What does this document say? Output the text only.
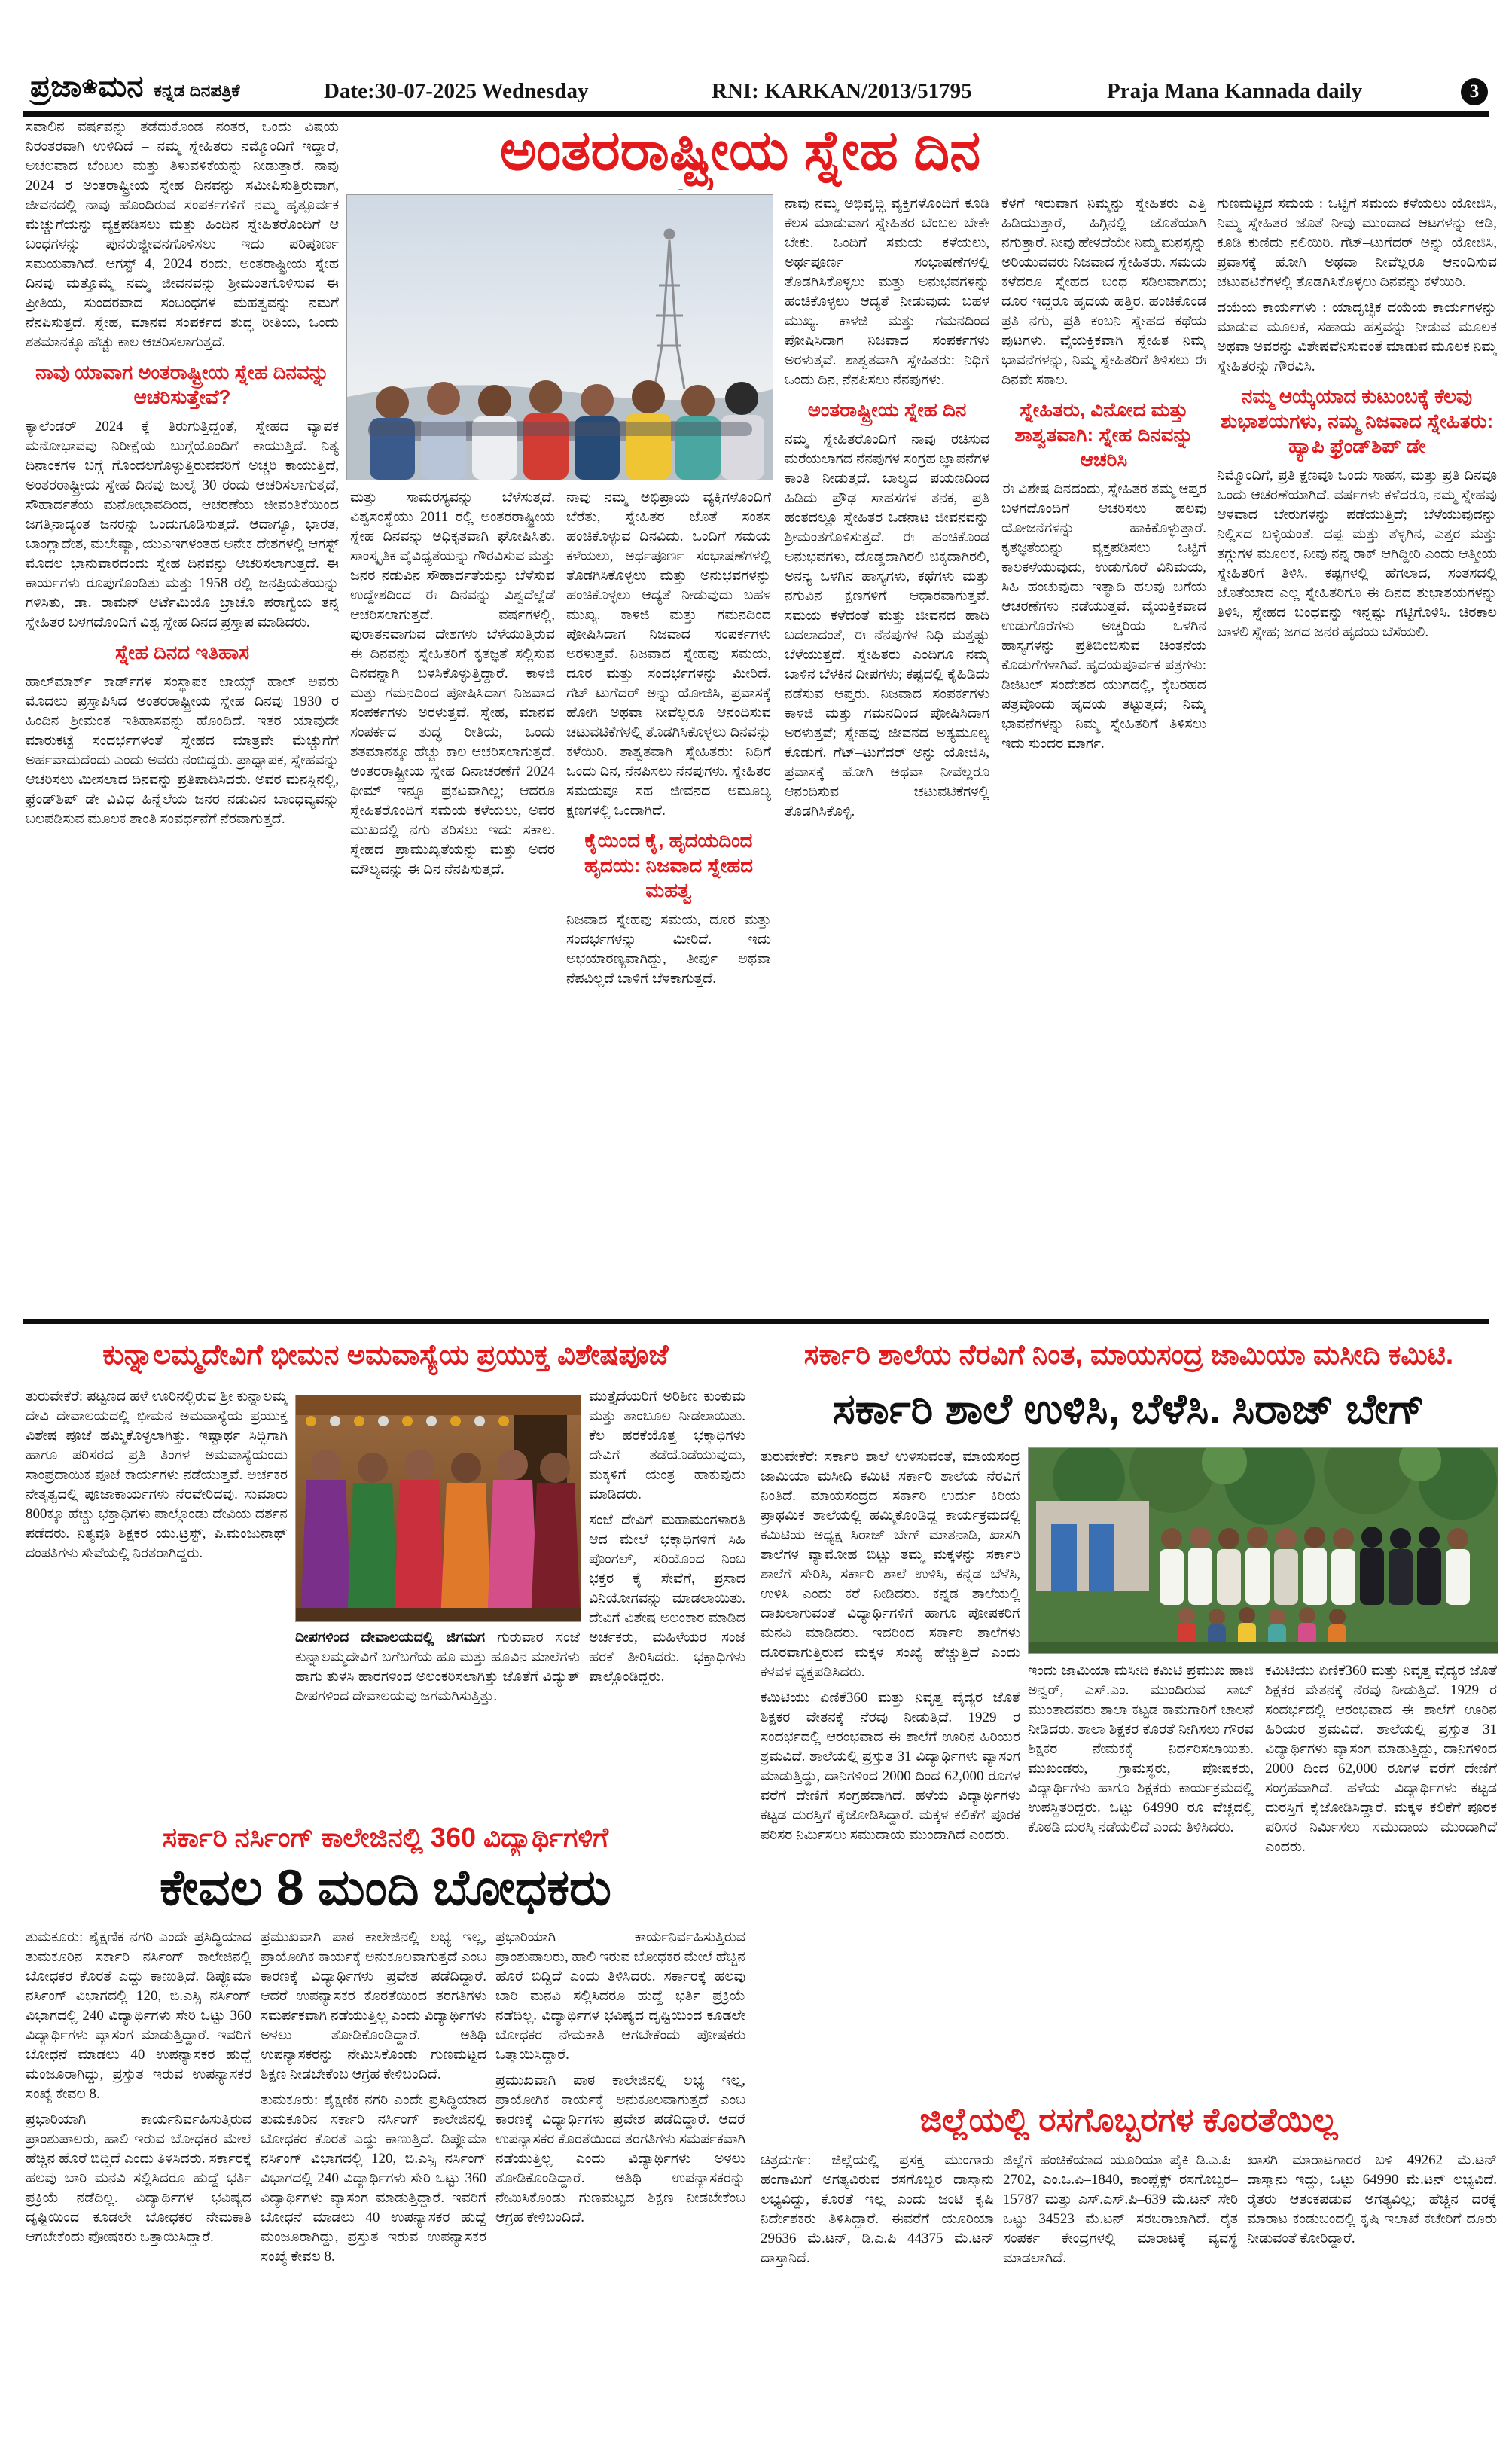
ಪ್ರಜಾ❀ಮನ ಕನ್ನಡ ದಿನಪತ್ರಿಕೆ	Date:30-07-2025 Wednesday	RNI: KARKAN/2013/51795	Praja Mana Kannada daily	3
ಅಂತರರಾಷ್ಟ್ರೀಯ ಸ್ನೇಹ ದಿನ

ಸವಾಲಿನ ವರ್ಷವನ್ನು ತಡೆದುಕೊಂಡ ನಂತರ, ಒಂದು ವಿಷಯ ನಿರಂತರವಾಗಿ ಉಳಿದಿದೆ – ನಮ್ಮ ಸ್ನೇಹಿತರು ನಮ್ಮೊಂದಿಗೆ ಇದ್ದಾರೆ, ಅಚಲವಾದ ಬೆಂಬಲ ಮತ್ತು ತಿಳುವಳಿಕೆಯನ್ನು ನೀಡುತ್ತಾರೆ. ನಾವು 2024 ರ ಅಂತರಾಷ್ಟ್ರೀಯ ಸ್ನೇಹ ದಿನವನ್ನು ಸಮೀಪಿಸುತ್ತಿರುವಾಗ, ಜೀವನದಲ್ಲಿ ನಾವು ಹೊಂದಿರುವ ಸಂಪರ್ಕಗಳಿಗೆ ನಮ್ಮ ಹೃತ್ಪೂರ್ವಕ ಮೆಚ್ಚುಗೆಯನ್ನು ವ್ಯಕ್ತಪಡಿಸಲು ಮತ್ತು ಹಿಂದಿನ ಸ್ನೇಹಿತರೊಂದಿಗೆ ಆ ಬಂಧಗಳನ್ನು ಪುನರುಜ್ಜೀವನಗೊಳಿಸಲು ಇದು ಪರಿಪೂರ್ಣ ಸಮಯವಾಗಿದೆ. ಆಗಸ್ಟ್ 4, 2024 ರಂದು, ಅಂತರಾಷ್ಟ್ರೀಯ ಸ್ನೇಹ ದಿನವು ಮತ್ತೊಮ್ಮೆ ನಮ್ಮ ಜೀವನವನ್ನು ಶ್ರೀಮಂತಗೊಳಿಸುವ ಈ ಪ್ರೀತಿಯ, ಸುಂದರವಾದ ಸಂಬಂಧಗಳ ಮಹತ್ವವನ್ನು ನಮಗೆ ನೆನಪಿಸುತ್ತದೆ. ಸ್ನೇಹ, ಮಾನವ ಸಂಪರ್ಕದ ಶುದ್ಧ ರೀತಿಯ, ಒಂದು ಶತಮಾನಕ್ಕೂ ಹೆಚ್ಚು ಕಾಲ ಆಚರಿಸಲಾಗುತ್ತದೆ.

ನಾವು ಯಾವಾಗ ಅಂತರಾಷ್ಟ್ರೀಯ ಸ್ನೇಹ ದಿನವನ್ನು ಆಚರಿಸುತ್ತೇವೆ?

ಕ್ಯಾಲೆಂಡರ್ 2024 ಕ್ಕೆ ತಿರುಗುತ್ತಿದ್ದಂತೆ, ಸ್ನೇಹದ ವ್ಯಾಪಕ ಮನೋಭಾವವು ನಿರೀಕ್ಷೆಯ ಬುಗ್ಗೆಯೊಂದಿಗೆ ಕಾಯುತ್ತಿದೆ. ನಿತ್ಯ ದಿನಾಂಕಗಳ ಬಗ್ಗೆ ಗೊಂದಲಗೊಳ್ಳುತ್ತಿರುವವರಿಗೆ ಅಚ್ಚರಿ ಕಾಯುತ್ತಿದೆ, ಅಂತರರಾಷ್ಟ್ರೀಯ ಸ್ನೇಹ ದಿನವು ಜುಲೈ 30 ರಂದು ಆಚರಿಸಲಾಗುತ್ತದೆ, ಸೌಹಾರ್ದತೆಯ ಮನೋಭಾವದಿಂದ, ಆಚರಣೆಯ ಜೀವಂತಿಕೆಯಿಂದ ಜಗತ್ತಿನಾದ್ಯಂತ ಜನರನ್ನು ಒಂದುಗೂಡಿಸುತ್ತದೆ. ಆದಾಗ್ಯೂ, ಭಾರತ, ಬಾಂಗ್ಲಾದೇಶ, ಮಲೇಷ್ಯಾ, ಯುಎಇಗಳಂತಹ ಅನೇಕ ದೇಶಗಳಲ್ಲಿ ಆಗಸ್ಟ್ ಮೊದಲ ಭಾನುವಾರದಂದು ಸ್ನೇಹ ದಿನವನ್ನು ಆಚರಿಸಲಾಗುತ್ತದೆ. ಈ ಕಾರ್ಯಗಳು ರೂಪುಗೊಂಡಿತು ಮತ್ತು 1958 ರಲ್ಲಿ ಜನಪ್ರಿಯತೆಯನ್ನು ಗಳಿಸಿತು, ಡಾ. ರಾಮನ್ ಆರ್ಟೆಮಿಯೊ ಬ್ರಾಚೊ ಪರಾಗ್ವೆಯ ತನ್ನ ಸ್ನೇಹಿತರ ಬಳಗದೊಂದಿಗೆ ವಿಶ್ವ ಸ್ನೇಹ ದಿನದ ಪ್ರಸ್ತಾಪ ಮಾಡಿದರು.

ಸ್ನೇಹ ದಿನದ ಇತಿಹಾಸ

ಹಾಲ್‌ಮಾರ್ಕ್ ಕಾರ್ಡ್‌ಗಳ ಸಂಸ್ಥಾಪಕ ಜಾಯ್ಸ್ ಹಾಲ್ ಅವರು ಮೊದಲು ಪ್ರಸ್ತಾಪಿಸಿದ ಅಂತರರಾಷ್ಟ್ರೀಯ ಸ್ನೇಹ ದಿನವು 1930 ರ ಹಿಂದಿನ ಶ್ರೀಮಂತ ಇತಿಹಾಸವನ್ನು ಹೊಂದಿದೆ. ಇತರ ಯಾವುದೇ ಮಾರುಕಟ್ಟೆ ಸಂದರ್ಭಗಳಂತೆ ಸ್ನೇಹದ ಮಾತ್ರವೇ ಮೆಚ್ಚುಗೆಗೆ ಅರ್ಹವಾದುದೆಂದು ಎಂದು ಅವರು ನಂಬಿದ್ದರು. ಪ್ರಾಧ್ಯಾಪಕ, ಸ್ನೇಹವನ್ನು ಆಚರಿಸಲು ಮೀಸಲಾದ ದಿನವನ್ನು ಪ್ರತಿಪಾದಿಸಿದರು. ಅವರ ಮನಸ್ಸಿನಲ್ಲಿ, ಫ್ರೆಂಡ್‌ಶಿಪ್ ಡೇ ವಿವಿಧ ಹಿನ್ನೆಲೆಯ ಜನರ ನಡುವಿನ ಬಾಂಧವ್ಯವನ್ನು ಬಲಪಡಿಸುವ ಮೂಲಕ ಶಾಂತಿ ಸಂವರ್ಧನೆಗೆ ನೆರವಾಗುತ್ತದೆ.

ಮತ್ತು ಸಾಮರಸ್ಯವನ್ನು ಬೆಳೆಸುತ್ತದೆ. ವಿಶ್ವಸಂಸ್ಥೆಯು 2011 ರಲ್ಲಿ ಅಂತರರಾಷ್ಟ್ರೀಯ ಸ್ನೇಹ ದಿನವನ್ನು ಅಧಿಕೃತವಾಗಿ ಘೋಷಿಸಿತು. ಸಾಂಸ್ಕೃತಿಕ ವೈವಿಧ್ಯತೆಯನ್ನು ಗೌರವಿಸುವ ಮತ್ತು ಜನರ ನಡುವಿನ ಸೌಹಾರ್ದತೆಯನ್ನು ಬೆಳೆಸುವ ಉದ್ದೇಶದಿಂದ ಈ ದಿನವನ್ನು ವಿಶ್ವದೆಲ್ಲೆಡೆ ಆಚರಿಸಲಾಗುತ್ತದೆ. ವರ್ಷಗಳಲ್ಲಿ, ಪುರಾತನವಾಗುವ ದೇಶಗಳು ಬೆಳೆಯುತ್ತಿರುವ ಈ ದಿನವನ್ನು ಸ್ನೇಹಿತರಿಗೆ ಕೃತಜ್ಞತೆ ಸಲ್ಲಿಸುವ ದಿನವನ್ನಾಗಿ ಬಳಸಿಕೊಳ್ಳುತ್ತಿದ್ದಾರೆ. ಕಾಳಜಿ ಮತ್ತು ಗಮನದಿಂದ ಪೋಷಿಸಿದಾಗ ನಿಜವಾದ ಸಂಪರ್ಕಗಳು ಅರಳುತ್ತವೆ. ಸ್ನೇಹ, ಮಾನವ ಸಂಪರ್ಕದ ಶುದ್ಧ ರೀತಿಯ, ಒಂದು ಶತಮಾನಕ್ಕೂ ಹೆಚ್ಚು ಕಾಲ ಆಚರಿಸಲಾಗುತ್ತದೆ. ಅಂತರರಾಷ್ಟ್ರೀಯ ಸ್ನೇಹ ದಿನಾಚರಣೆಗೆ 2024 ಥೀಮ್ ಇನ್ನೂ ಪ್ರಕಟವಾಗಿಲ್ಲ; ಆದರೂ ಸ್ನೇಹಿತರೊಂದಿಗೆ ಸಮಯ ಕಳೆಯಲು, ಅವರ ಮುಖದಲ್ಲಿ ನಗು ತರಿಸಲು ಇದು ಸಕಾಲ. ಸ್ನೇಹದ ಪ್ರಾಮುಖ್ಯತೆಯನ್ನು ಮತ್ತು ಅದರ ಮೌಲ್ಯವನ್ನು ಈ ದಿನ ನೆನಪಿಸುತ್ತದೆ.

ನಾವು ನಮ್ಮ ಅಭಿಪ್ರಾಯ ವ್ಯಕ್ತಿಗಳೊಂದಿಗೆ ಬೆರೆತು, ಸ್ನೇಹಿತರ ಜೊತೆ ಸಂತಸ ಹಂಚಿಕೊಳ್ಳುವ ದಿನವಿದು. ಒಂದಿಗೆ ಸಮಯ ಕಳೆಯಲು, ಅರ್ಥಪೂರ್ಣ ಸಂಭಾಷಣೆಗಳಲ್ಲಿ ತೊಡಗಿಸಿಕೊಳ್ಳಲು ಮತ್ತು ಅನುಭವಗಳನ್ನು ಹಂಚಿಕೊಳ್ಳಲು ಆದ್ಯತೆ ನೀಡುವುದು ಬಹಳ ಮುಖ್ಯ. ಕಾಳಜಿ ಮತ್ತು ಗಮನದಿಂದ ಪೋಷಿಸಿದಾಗ ನಿಜವಾದ ಸಂಪರ್ಕಗಳು ಅರಳುತ್ತವೆ. ನಿಜವಾದ ಸ್ನೇಹವು ಸಮಯ, ದೂರ ಮತ್ತು ಸಂದರ್ಭಗಳನ್ನು ಮೀರಿದೆ. ಗೆಟ್–ಟುಗೆದರ್ ಅನ್ನು ಯೋಜಿಸಿ, ಪ್ರವಾಸಕ್ಕೆ ಹೋಗಿ ಅಥವಾ ನೀವೆಲ್ಲರೂ ಆನಂದಿಸುವ ಚಟುವಟಿಕೆಗಳಲ್ಲಿ ತೊಡಗಿಸಿಕೊಳ್ಳಲು ದಿನವನ್ನು ಕಳೆಯಿರಿ. ಶಾಶ್ವತವಾಗಿ ಸ್ನೇಹಿತರು: ನಿಧಿಗೆ ಒಂದು ದಿನ, ನೆನಪಿಸಲು ನೆನಪುಗಳು. ಸ್ನೇಹಿತರ ಸಮಯವೂ ಸಹ ಜೀವನದ ಅಮೂಲ್ಯ ಕ್ಷಣಗಳಲ್ಲಿ ಒಂದಾಗಿದೆ.

ಕೈಯಿಂದ ಕೈ, ಹೃದಯದಿಂದ ಹೃದಯ: ನಿಜವಾದ ಸ್ನೇಹದ ಮಹತ್ವ

ನಿಜವಾದ ಸ್ನೇಹವು ಸಮಯ, ದೂರ ಮತ್ತು ಸಂದರ್ಭಗಳನ್ನು ಮೀರಿದೆ. ಇದು ಅಭಯಾರಣ್ಯವಾಗಿದ್ದು, ತೀರ್ಪು ಅಥವಾ ನೆಪವಿಲ್ಲದೆ ಬಾಳಿಗೆ ಬೆಳಕಾಗುತ್ತದೆ.

ನಾವು ನಮ್ಮ ಅಭಿವೃದ್ಧಿ ವ್ಯಕ್ತಿಗಳೊಂದಿಗೆ ಕೂಡಿ ಕೆಲಸ ಮಾಡುವಾಗ ಸ್ನೇಹಿತರ ಬೆಂಬಲ ಬೇಕೇ ಬೇಕು. ಒಂದಿಗೆ ಸಮಯ ಕಳೆಯಲು, ಅರ್ಥಪೂರ್ಣ ಸಂಭಾಷಣೆಗಳಲ್ಲಿ ತೊಡಗಿಸಿಕೊಳ್ಳಲು ಮತ್ತು ಅನುಭವಗಳನ್ನು ಹಂಚಿಕೊಳ್ಳಲು ಆದ್ಯತೆ ನೀಡುವುದು ಬಹಳ ಮುಖ್ಯ. ಕಾಳಜಿ ಮತ್ತು ಗಮನದಿಂದ ಪೋಷಿಸಿದಾಗ ನಿಜವಾದ ಸಂಪರ್ಕಗಳು ಅರಳುತ್ತವೆ. ಶಾಶ್ವತವಾಗಿ ಸ್ನೇಹಿತರು: ನಿಧಿಗೆ ಒಂದು ದಿನ, ನೆನಪಿಸಲು ನೆನಪುಗಳು.

ಅಂತರಾಷ್ಟ್ರೀಯ ಸ್ನೇಹ ದಿನ

ನಮ್ಮ ಸ್ನೇಹಿತರೊಂದಿಗೆ ನಾವು ರಚಿಸುವ ಮರೆಯಲಾಗದ ನೆನಪುಗಳ ಸಂಗ್ರಹ ಜ್ಞಾಪನೆಗಳ ಕಾಂತಿ ನೀಡುತ್ತದೆ. ಬಾಲ್ಯದ ಪಯಣದಿಂದ ಹಿಡಿದು ಪ್ರೌಢ ಸಾಹಸಗಳ ತನಕ, ಪ್ರತಿ ಹಂತದಲ್ಲೂ ಸ್ನೇಹಿತರ ಒಡನಾಟ ಜೀವನವನ್ನು ಶ್ರೀಮಂತಗೊಳಿಸುತ್ತದೆ. ಈ ಹಂಚಿಕೊಂಡ ಅನುಭವಗಳು, ದೊಡ್ಡದಾಗಿರಲಿ ಚಿಕ್ಕದಾಗಿರಲಿ, ಅನನ್ಯ ಒಳಗಿನ ಹಾಸ್ಯಗಳು, ಕಥೆಗಳು ಮತ್ತು ನಗುವಿನ ಕ್ಷಣಗಳಿಗೆ ಆಧಾರವಾಗುತ್ತವೆ. ಸಮಯ ಕಳೆದಂತೆ ಮತ್ತು ಜೀವನದ ಹಾದಿ ಬದಲಾದಂತೆ, ಈ ನೆನಪುಗಳ ನಿಧಿ ಮತ್ತಷ್ಟು ಬೆಳೆಯುತ್ತದೆ. ಸ್ನೇಹಿತರು ಎಂದಿಗೂ ನಮ್ಮ ಬಾಳಿನ ಬೆಳಕಿನ ದೀಪಗಳು; ಕಷ್ಟದಲ್ಲಿ ಕೈಹಿಡಿದು ನಡೆಸುವ ಆಪ್ತರು. ನಿಜವಾದ ಸಂಪರ್ಕಗಳು ಕಾಳಜಿ ಮತ್ತು ಗಮನದಿಂದ ಪೋಷಿಸಿದಾಗ ಅರಳುತ್ತವೆ; ಸ್ನೇಹವು ಜೀವನದ ಅತ್ಯಮೂಲ್ಯ ಕೊಡುಗೆ. ಗೆಟ್–ಟುಗೆದರ್ ಅನ್ನು ಯೋಜಿಸಿ, ಪ್ರವಾಸಕ್ಕೆ ಹೋಗಿ ಅಥವಾ ನೀವೆಲ್ಲರೂ ಆನಂದಿಸುವ ಚಟುವಟಿಕೆಗಳಲ್ಲಿ ತೊಡಗಿಸಿಕೊಳ್ಳಿ.

ಕೆಳಗೆ ಇರುವಾಗ ನಿಮ್ಮನ್ನು ಸ್ನೇಹಿತರು ಎತ್ತಿ ಹಿಡಿಯುತ್ತಾರೆ, ಹಿಗ್ಗಿನಲ್ಲಿ ಜೊತೆಯಾಗಿ ನಗುತ್ತಾರೆ. ನೀವು ಹೇಳದೆಯೇ ನಿಮ್ಮ ಮನಸ್ಸನ್ನು ಅರಿಯುವವರು ನಿಜವಾದ ಸ್ನೇಹಿತರು. ಸಮಯ ಕಳೆದರೂ ಸ್ನೇಹದ ಬಂಧ ಸಡಿಲವಾಗದು; ದೂರ ಇದ್ದರೂ ಹೃದಯ ಹತ್ತಿರ. ಹಂಚಿಕೊಂಡ ಪ್ರತಿ ನಗು, ಪ್ರತಿ ಕಂಬನಿ ಸ್ನೇಹದ ಕಥೆಯ ಪುಟಗಳು. ವೈಯಕ್ತಿಕವಾಗಿ ಸ್ನೇಹಿತ ನಿಮ್ಮ ಭಾವನೆಗಳನ್ನು, ನಿಮ್ಮ ಸ್ನೇಹಿತರಿಗೆ ತಿಳಿಸಲು ಈ ದಿನವೇ ಸಕಾಲ.

ಸ್ನೇಹಿತರು, ವಿನೋದ ಮತ್ತು ಶಾಶ್ವತವಾಗಿ: ಸ್ನೇಹ ದಿನವನ್ನು ಆಚರಿಸಿ

ಈ ವಿಶೇಷ ದಿನದಂದು, ಸ್ನೇಹಿತರ ತಮ್ಮ ಆಪ್ತರ ಬಳಗದೊಂದಿಗೆ ಆಚರಿಸಲು ಹಲವು ಯೋಜನೆಗಳನ್ನು ಹಾಕಿಕೊಳ್ಳುತ್ತಾರೆ. ಕೃತಜ್ಞತೆಯನ್ನು ವ್ಯಕ್ತಪಡಿಸಲು ಒಟ್ಟಿಗೆ ಕಾಲಕಳೆಯುವುದು, ಉಡುಗೊರೆ ವಿನಿಮಯ, ಸಿಹಿ ಹಂಚುವುದು ಇತ್ಯಾದಿ ಹಲವು ಬಗೆಯ ಆಚರಣೆಗಳು ನಡೆಯುತ್ತವೆ. ವೈಯಕ್ತಿಕವಾದ ಉಡುಗೊರೆಗಳು ಅಚ್ಚರಿಯ ಒಳಗಿನ ಹಾಸ್ಯಗಳನ್ನು ಪ್ರತಿಬಿಂಬಿಸುವ ಚಿಂತನೆಯ ಕೊಡುಗೆಗಳಾಗಿವೆ. ಹೃದಯಪೂರ್ವಕ ಪತ್ರಗಳು: ಡಿಜಿಟಲ್ ಸಂದೇಶದ ಯುಗದಲ್ಲಿ, ಕೈಬರಹದ ಪತ್ರವೊಂದು ಹೃದಯ ತಟ್ಟುತ್ತದೆ; ನಿಮ್ಮ ಭಾವನೆಗಳನ್ನು ನಿಮ್ಮ ಸ್ನೇಹಿತರಿಗೆ ತಿಳಿಸಲು ಇದು ಸುಂದರ ಮಾರ್ಗ.

ಗುಣಮಟ್ಟದ ಸಮಯ : ಒಟ್ಟಿಗೆ ಸಮಯ ಕಳೆಯಲು ಯೋಜಿಸಿ, ನಿಮ್ಮ ಸ್ನೇಹಿತರ ಜೊತೆ ನೀವು–ಮುಂದಾದ ಆಟಗಳನ್ನು ಆಡಿ, ಕೂಡಿ ಕುಣಿದು ನಲಿಯಿರಿ. ಗೆಟ್–ಟುಗೆದರ್ ಅನ್ನು ಯೋಜಿಸಿ, ಪ್ರವಾಸಕ್ಕೆ ಹೋಗಿ ಅಥವಾ ನೀವೆಲ್ಲರೂ ಆನಂದಿಸುವ ಚಟುವಟಿಕೆಗಳಲ್ಲಿ ತೊಡಗಿಸಿಕೊಳ್ಳಲು ದಿನವನ್ನು ಕಳೆಯಿರಿ.

ದಯೆಯ ಕಾರ್ಯಗಳು : ಯಾದೃಚ್ಛಿಕ ದಯೆಯ ಕಾರ್ಯಗಳನ್ನು ಮಾಡುವ ಮೂಲಕ, ಸಹಾಯ ಹಸ್ತವನ್ನು ನೀಡುವ ಮೂಲಕ ಅಥವಾ ಅವರನ್ನು ವಿಶೇಷವೆನಿಸುವಂತೆ ಮಾಡುವ ಮೂಲಕ ನಿಮ್ಮ ಸ್ನೇಹಿತರನ್ನು ಗೌರವಿಸಿ.

ನಮ್ಮ ಆಯ್ಕೆಯಾದ ಕುಟುಂಬಕ್ಕೆ ಕೆಲವು ಶುಭಾಶಯಗಳು, ನಮ್ಮ ನಿಜವಾದ ಸ್ನೇಹಿತರು: ಹ್ಯಾಪಿ ಫ್ರೆಂಡ್‌ಶಿಪ್ ಡೇ

ನಿಮ್ಮೊಂದಿಗೆ, ಪ್ರತಿ ಕ್ಷಣವೂ ಒಂದು ಸಾಹಸ, ಮತ್ತು ಪ್ರತಿ ದಿನವೂ ಒಂದು ಆಚರಣೆಯಾಗಿದೆ. ವರ್ಷಗಳು ಕಳೆದರೂ, ನಮ್ಮ ಸ್ನೇಹವು ಆಳವಾದ ಬೇರುಗಳನ್ನು ಪಡೆಯುತ್ತಿದೆ; ಬೆಳೆಯುವುದನ್ನು ನಿಲ್ಲಿಸದ ಬಳ್ಳಿಯಂತೆ. ದಪ್ಪ ಮತ್ತು ತೆಳ್ಳಗಿನ, ಎತ್ತರ ಮತ್ತು ತಗ್ಗುಗಳ ಮೂಲಕ, ನೀವು ನನ್ನ ರಾಕ್ ಆಗಿದ್ದೀರಿ ಎಂದು ಆತ್ಮೀಯ ಸ್ನೇಹಿತರಿಗೆ ತಿಳಿಸಿ. ಕಷ್ಟಗಳಲ್ಲಿ ಹೆಗಲಾದ, ಸಂತಸದಲ್ಲಿ ಜೊತೆಯಾದ ಎಲ್ಲ ಸ್ನೇಹಿತರಿಗೂ ಈ ದಿನದ ಶುಭಾಶಯಗಳನ್ನು ತಿಳಿಸಿ, ಸ್ನೇಹದ ಬಂಧವನ್ನು ಇನ್ನಷ್ಟು ಗಟ್ಟಿಗೊಳಿಸಿ. ಚಿರಕಾಲ ಬಾಳಲಿ ಸ್ನೇಹ; ಜಗದ ಜನರ ಹೃದಯ ಬೆಸೆಯಲಿ.

ಕುನ್ನಾಲಮ್ಮದೇವಿಗೆ ಭೀಮನ ಅಮವಾಸ್ಯೆಯ ಪ್ರಯುಕ್ತ ವಿಶೇಷಪೂಜೆ

ತುರುವೇಕೆರೆ: ಪಟ್ಟಣದ ಹಳೆ ಊರಿನಲ್ಲಿರುವ ಶ್ರೀ ಕುನ್ನಾಲಮ್ಮ ದೇವಿ ದೇವಾಲಯದಲ್ಲಿ ಭೀಮನ ಅಮವಾಸ್ಯೆಯ ಪ್ರಯುಕ್ತ ವಿಶೇಷ ಪೂಜೆ ಹಮ್ಮಿಕೊಳ್ಳಲಾಗಿತ್ತು. ಇಷ್ಟಾರ್ಥ ಸಿದ್ಧಿಗಾಗಿ ಹಾಗೂ ಪರಿಸರದ ಪ್ರತಿ ತಿಂಗಳ ಅಮವಾಸ್ಯೆಯಂದು ಸಾಂಪ್ರದಾಯಿಕ ಪೂಜೆ ಕಾರ್ಯಗಳು ನಡೆಯುತ್ತವೆ. ಅರ್ಚಕರ ನೇತೃತ್ವದಲ್ಲಿ ಪೂಜಾಕಾರ್ಯಗಳು ನೆರವೇರಿದವು. ಸುಮಾರು 800ಕ್ಕೂ ಹೆಚ್ಚು ಭಕ್ತಾಧಿಗಳು ಪಾಲ್ಗೊಂಡು ದೇವಿಯ ದರ್ಶನ ಪಡೆದರು. ನಿತ್ಯವೂ ಶಿಕ್ಷಕರ ಯು.ಟ್ರಸ್ಟ್, ಪಿ.ಮಂಜುನಾಥ್ ದಂಪತಿಗಳು ಸೇವೆಯಲ್ಲಿ ನಿರತರಾಗಿದ್ದರು.

ದೀಪಗಳಿಂದ ದೇವಾಲಯದಲ್ಲಿ ಜಿಗಮಗ ಗುರುವಾರ ಸಂಜೆ ಕುನ್ನಾಲಮ್ಮದೇವಿಗೆ ಬಗೆಬಗೆಯ ಹೂ ಮತ್ತು ಹೂವಿನ ಮಾಲೆಗಳು ಹಾಗು ತುಳಸಿ ಹಾರಗಳಿಂದ ಅಲಂಕರಿಸಲಾಗಿತ್ತು ಜೊತೆಗೆ ವಿದ್ಯುತ್ ದೀಪಗಳಿಂದ ದೇವಾಲಯವು ಜಗಮಗಿಸುತ್ತಿತ್ತು.

ಮುತ್ತೈದೆಯರಿಗೆ ಅರಿಶಿಣ ಕುಂಕುಮ ಮತ್ತು ತಾಂಬೂಲ ನೀಡಲಾಯಿತು. ಕೆಲ ಹರಕೆಯೊತ್ತ ಭಕ್ತಾಧಿಗಳು ದೇವಿಗೆ ತಡೆಯೊಡೆಯುವುದು, ಮಕ್ಕಳಿಗೆ ಯಂತ್ರ ಹಾಕುವುದು ಮಾಡಿದರು.

ಸಂಜೆ ದೇವಿಗೆ ಮಹಾಮಂಗಳಾರತಿ ಆದ ಮೇಲೆ ಭಕ್ತಾಧಿಗಳಿಗೆ ಸಿಹಿ ಪೊಂಗಲ್, ಸರಿಯೊಂದ ನಿಂಬ ಭಕ್ತರ ಕೈ ಸೇವೆಗೆ, ಪ್ರಸಾದ ವಿನಿಯೋಗವನ್ನು ಮಾಡಲಾಯಿತು. ದೇವಿಗೆ ವಿಶೇಷ ಅಲಂಕಾರ ಮಾಡಿದ ಅರ್ಚಕರು, ಮಹಿಳೆಯರ ಸಂಜೆ ಹರಕೆ ತೀರಿಸಿದರು. ಭಕ್ತಾಧಿಗಳು ಪಾಲ್ಗೊಂಡಿದ್ದರು.

ಸರ್ಕಾರಿ ಶಾಲೆಯ ನೆರವಿಗೆ ನಿಂತ, ಮಾಯಸಂದ್ರ ಜಾಮಿಯಾ ಮಸೀದಿ ಕಮಿಟಿ.
ಸರ್ಕಾರಿ ಶಾಲೆ ಉಳಿಸಿ, ಬೆಳೆಸಿ. ಸಿರಾಜ್ ಬೇಗ್

ತುರುವೇಕೆರೆ: ಸರ್ಕಾರಿ ಶಾಲೆ ಉಳಿಸುವಂತೆ, ಮಾಯಸಂದ್ರ ಜಾಮಿಯಾ ಮಸೀದಿ ಕಮಿಟಿ ಸರ್ಕಾರಿ ಶಾಲೆಯ ನೆರವಿಗೆ ನಿಂತಿದೆ. ಮಾಯಸಂದ್ರದ ಸರ್ಕಾರಿ ಉರ್ದು ಕಿರಿಯ ಪ್ರಾಥಮಿಕ ಶಾಲೆಯಲ್ಲಿ ಹಮ್ಮಿಕೊಂಡಿದ್ದ ಕಾರ್ಯಕ್ರಮದಲ್ಲಿ ಕಮಿಟಿಯ ಅಧ್ಯಕ್ಷ ಸಿರಾಜ್ ಬೇಗ್ ಮಾತನಾಡಿ, ಖಾಸಗಿ ಶಾಲೆಗಳ ವ್ಯಾಮೋಹ ಬಿಟ್ಟು ತಮ್ಮ ಮಕ್ಕಳನ್ನು ಸರ್ಕಾರಿ ಶಾಲೆಗೆ ಸೇರಿಸಿ, ಸರ್ಕಾರಿ ಶಾಲೆ ಉಳಿಸಿ, ಕನ್ನಡ ಬೆಳೆಸಿ, ಉಳಿಸಿ ಎಂದು ಕರೆ ನೀಡಿದರು. ಕನ್ನಡ ಶಾಲೆಯಲ್ಲಿ ದಾಖಲಾಗುವಂತೆ ವಿದ್ಯಾರ್ಥಿಗಳಿಗೆ ಹಾಗೂ ಪೋಷಕರಿಗೆ ಮನವಿ ಮಾಡಿದರು. ಇದರಿಂದ ಸರ್ಕಾರಿ ಶಾಲೆಗಳು ದೂರವಾಗುತ್ತಿರುವ ಮಕ್ಕಳ ಸಂಖ್ಯೆ ಹೆಚ್ಚುತ್ತಿದೆ ಎಂದು ಕಳವಳ ವ್ಯಕ್ತಪಡಿಸಿದರು.

ಕಮಿಟಿಯು ಏಣಿಕೆ360 ಮತ್ತು ನಿವೃತ್ತ ವೈದ್ಯರ ಜೊತೆ ಶಿಕ್ಷಕರ ವೇತನಕ್ಕೆ ನೆರವು ನೀಡುತ್ತಿದೆ. 1929 ರ ಸಂದರ್ಭದಲ್ಲಿ ಆರಂಭವಾದ ಈ ಶಾಲೆಗೆ ಊರಿನ ಹಿರಿಯರ ಶ್ರಮವಿದೆ. ಶಾಲೆಯಲ್ಲಿ ಪ್ರಸ್ತುತ 31 ವಿದ್ಯಾರ್ಥಿಗಳು ವ್ಯಾಸಂಗ ಮಾಡುತ್ತಿದ್ದು, ದಾನಿಗಳಿಂದ 2000 ದಿಂದ 62,000 ರೂಗಳ ವರೆಗೆ ದೇಣಿಗೆ ಸಂಗ್ರಹವಾಗಿದೆ. ಹಳೆಯ ವಿದ್ಯಾರ್ಥಿಗಳು ಕಟ್ಟಡ ದುರಸ್ತಿಗೆ ಕೈಜೋಡಿಸಿದ್ದಾರೆ. ಮಕ್ಕಳ ಕಲಿಕೆಗೆ ಪೂರಕ ಪರಿಸರ ನಿರ್ಮಿಸಲು ಸಮುದಾಯ ಮುಂದಾಗಿದೆ ಎಂದರು.

ಇಂದು ಜಾಮಿಯಾ ಮಸೀದಿ ಕಮಿಟಿ ಪ್ರಮುಖ ಹಾಜಿ ಅನ್ವರ್, ಎಸ್.ಎಂ. ಮುಂದಿರುವ ಸಾಬ್ ಮುಂತಾದವರು ಶಾಲಾ ಕಟ್ಟಡ ಕಾಮಗಾರಿಗೆ ಚಾಲನೆ ನೀಡಿದರು. ಶಾಲಾ ಶಿಕ್ಷಕರ ಕೊರತೆ ನೀಗಿಸಲು ಗೌರವ ಶಿಕ್ಷಕರ ನೇಮಕಕ್ಕೆ ನಿರ್ಧರಿಸಲಾಯಿತು. ಮುಖಂಡರು, ಗ್ರಾಮಸ್ಥರು, ಪೋಷಕರು, ವಿದ್ಯಾರ್ಥಿಗಳು ಹಾಗೂ ಶಿಕ್ಷಕರು ಕಾರ್ಯಕ್ರಮದಲ್ಲಿ ಉಪಸ್ಥಿತರಿದ್ದರು. ಒಟ್ಟು 64990 ರೂ ವೆಚ್ಚದಲ್ಲಿ ಕೊಠಡಿ ದುರಸ್ತಿ ನಡೆಯಲಿದೆ ಎಂದು ತಿಳಿಸಿದರು.

ಕಮಿಟಿಯು ಏಣಿಕೆ360 ಮತ್ತು ನಿವೃತ್ತ ವೈದ್ಯರ ಜೊತೆ ಶಿಕ್ಷಕರ ವೇತನಕ್ಕೆ ನೆರವು ನೀಡುತ್ತಿದೆ. 1929 ರ ಸಂದರ್ಭದಲ್ಲಿ ಆರಂಭವಾದ ಈ ಶಾಲೆಗೆ ಊರಿನ ಹಿರಿಯರ ಶ್ರಮವಿದೆ. ಶಾಲೆಯಲ್ಲಿ ಪ್ರಸ್ತುತ 31 ವಿದ್ಯಾರ್ಥಿಗಳು ವ್ಯಾಸಂಗ ಮಾಡುತ್ತಿದ್ದು, ದಾನಿಗಳಿಂದ 2000 ದಿಂದ 62,000 ರೂಗಳ ವರೆಗೆ ದೇಣಿಗೆ ಸಂಗ್ರಹವಾಗಿದೆ. ಹಳೆಯ ವಿದ್ಯಾರ್ಥಿಗಳು ಕಟ್ಟಡ ದುರಸ್ತಿಗೆ ಕೈಜೋಡಿಸಿದ್ದಾರೆ. ಮಕ್ಕಳ ಕಲಿಕೆಗೆ ಪೂರಕ ಪರಿಸರ ನಿರ್ಮಿಸಲು ಸಮುದಾಯ ಮುಂದಾಗಿದೆ ಎಂದರು.

ಸರ್ಕಾರಿ ನರ್ಸಿಂಗ್ ಕಾಲೇಜಿನಲ್ಲಿ 360 ವಿದ್ಯಾರ್ಥಿಗಳಿಗೆ
ಕೇವಲ 8 ಮಂದಿ ಬೋಧಕರು

ತುಮಕೂರು: ಶೈಕ್ಷಣಿಕ ನಗರಿ ಎಂದೇ ಪ್ರಸಿದ್ಧಿಯಾದ ತುಮಕೂರಿನ ಸರ್ಕಾರಿ ನರ್ಸಿಂಗ್ ಕಾಲೇಜಿನಲ್ಲಿ ಬೋಧಕರ ಕೊರತೆ ಎದ್ದು ಕಾಣುತ್ತಿದೆ. ಡಿಪ್ಲೊಮಾ ನರ್ಸಿಂಗ್ ವಿಭಾಗದಲ್ಲಿ 120, ಬಿ.ಎಸ್ಸಿ ನರ್ಸಿಂಗ್ ವಿಭಾಗದಲ್ಲಿ 240 ವಿದ್ಯಾರ್ಥಿಗಳು ಸೇರಿ ಒಟ್ಟು 360 ವಿದ್ಯಾರ್ಥಿಗಳು ವ್ಯಾಸಂಗ ಮಾಡುತ್ತಿದ್ದಾರೆ. ಇವರಿಗೆ ಬೋಧನೆ ಮಾಡಲು 40 ಉಪನ್ಯಾಸಕರ ಹುದ್ದೆ ಮಂಜೂರಾಗಿದ್ದು, ಪ್ರಸ್ತುತ ಇರುವ ಉಪನ್ಯಾಸಕರ ಸಂಖ್ಯೆ ಕೇವಲ 8.

ಪ್ರಭಾರಿಯಾಗಿ ಕಾರ್ಯನಿರ್ವಹಿಸುತ್ತಿರುವ ಪ್ರಾಂಶುಪಾಲರು, ಹಾಲಿ ಇರುವ ಬೋಧಕರ ಮೇಲೆ ಹೆಚ್ಚಿನ ಹೊರೆ ಬಿದ್ದಿದೆ ಎಂದು ತಿಳಿಸಿದರು. ಸರ್ಕಾರಕ್ಕೆ ಹಲವು ಬಾರಿ ಮನವಿ ಸಲ್ಲಿಸಿದರೂ ಹುದ್ದೆ ಭರ್ತಿ ಪ್ರಕ್ರಿಯೆ ನಡೆದಿಲ್ಲ. ವಿದ್ಯಾರ್ಥಿಗಳ ಭವಿಷ್ಯದ ದೃಷ್ಟಿಯಿಂದ ಕೂಡಲೇ ಬೋಧಕರ ನೇಮಕಾತಿ ಆಗಬೇಕೆಂದು ಪೋಷಕರು ಒತ್ತಾಯಿಸಿದ್ದಾರೆ.

ಪ್ರಮುಖವಾಗಿ ಪಾಠ ಕಾಲೇಜಿನಲ್ಲಿ ಲಭ್ಯ ಇಲ್ಲ, ಪ್ರಾಯೋಗಿಕ ಕಾರ್ಯಕ್ಕೆ ಅನುಕೂಲವಾಗುತ್ತದೆ ಎಂಬ ಕಾರಣಕ್ಕೆ ವಿದ್ಯಾರ್ಥಿಗಳು ಪ್ರವೇಶ ಪಡೆದಿದ್ದಾರೆ. ಆದರೆ ಉಪನ್ಯಾಸಕರ ಕೊರತೆಯಿಂದ ತರಗತಿಗಳು ಸಮರ್ಪಕವಾಗಿ ನಡೆಯುತ್ತಿಲ್ಲ ಎಂದು ವಿದ್ಯಾರ್ಥಿಗಳು ಅಳಲು ತೋಡಿಕೊಂಡಿದ್ದಾರೆ. ಅತಿಥಿ ಉಪನ್ಯಾಸಕರನ್ನು ನೇಮಿಸಿಕೊಂಡು ಗುಣಮಟ್ಟದ ಶಿಕ್ಷಣ ನೀಡಬೇಕೆಂಬ ಆಗ್ರಹ ಕೇಳಿಬಂದಿದೆ.

ತುಮಕೂರು: ಶೈಕ್ಷಣಿಕ ನಗರಿ ಎಂದೇ ಪ್ರಸಿದ್ಧಿಯಾದ ತುಮಕೂರಿನ ಸರ್ಕಾರಿ ನರ್ಸಿಂಗ್ ಕಾಲೇಜಿನಲ್ಲಿ ಬೋಧಕರ ಕೊರತೆ ಎದ್ದು ಕಾಣುತ್ತಿದೆ. ಡಿಪ್ಲೊಮಾ ನರ್ಸಿಂಗ್ ವಿಭಾಗದಲ್ಲಿ 120, ಬಿ.ಎಸ್ಸಿ ನರ್ಸಿಂಗ್ ವಿಭಾಗದಲ್ಲಿ 240 ವಿದ್ಯಾರ್ಥಿಗಳು ಸೇರಿ ಒಟ್ಟು 360 ವಿದ್ಯಾರ್ಥಿಗಳು ವ್ಯಾಸಂಗ ಮಾಡುತ್ತಿದ್ದಾರೆ. ಇವರಿಗೆ ಬೋಧನೆ ಮಾಡಲು 40 ಉಪನ್ಯಾಸಕರ ಹುದ್ದೆ ಮಂಜೂರಾಗಿದ್ದು, ಪ್ರಸ್ತುತ ಇರುವ ಉಪನ್ಯಾಸಕರ ಸಂಖ್ಯೆ ಕೇವಲ 8.

ಪ್ರಭಾರಿಯಾಗಿ ಕಾರ್ಯನಿರ್ವಹಿಸುತ್ತಿರುವ ಪ್ರಾಂಶುಪಾಲರು, ಹಾಲಿ ಇರುವ ಬೋಧಕರ ಮೇಲೆ ಹೆಚ್ಚಿನ ಹೊರೆ ಬಿದ್ದಿದೆ ಎಂದು ತಿಳಿಸಿದರು. ಸರ್ಕಾರಕ್ಕೆ ಹಲವು ಬಾರಿ ಮನವಿ ಸಲ್ಲಿಸಿದರೂ ಹುದ್ದೆ ಭರ್ತಿ ಪ್ರಕ್ರಿಯೆ ನಡೆದಿಲ್ಲ. ವಿದ್ಯಾರ್ಥಿಗಳ ಭವಿಷ್ಯದ ದೃಷ್ಟಿಯಿಂದ ಕೂಡಲೇ ಬೋಧಕರ ನೇಮಕಾತಿ ಆಗಬೇಕೆಂದು ಪೋಷಕರು ಒತ್ತಾಯಿಸಿದ್ದಾರೆ.

ಪ್ರಮುಖವಾಗಿ ಪಾಠ ಕಾಲೇಜಿನಲ್ಲಿ ಲಭ್ಯ ಇಲ್ಲ, ಪ್ರಾಯೋಗಿಕ ಕಾರ್ಯಕ್ಕೆ ಅನುಕೂಲವಾಗುತ್ತದೆ ಎಂಬ ಕಾರಣಕ್ಕೆ ವಿದ್ಯಾರ್ಥಿಗಳು ಪ್ರವೇಶ ಪಡೆದಿದ್ದಾರೆ. ಆದರೆ ಉಪನ್ಯಾಸಕರ ಕೊರತೆಯಿಂದ ತರಗತಿಗಳು ಸಮರ್ಪಕವಾಗಿ ನಡೆಯುತ್ತಿಲ್ಲ ಎಂದು ವಿದ್ಯಾರ್ಥಿಗಳು ಅಳಲು ತೋಡಿಕೊಂಡಿದ್ದಾರೆ. ಅತಿಥಿ ಉಪನ್ಯಾಸಕರನ್ನು ನೇಮಿಸಿಕೊಂಡು ಗುಣಮಟ್ಟದ ಶಿಕ್ಷಣ ನೀಡಬೇಕೆಂಬ ಆಗ್ರಹ ಕೇಳಿಬಂದಿದೆ.

ಜಿಲ್ಲೆಯಲ್ಲಿ ರಸಗೊಬ್ಬರಗಳ ಕೊರತೆಯಿಲ್ಲ

ಚಿತ್ರದುರ್ಗ: ಜಿಲ್ಲೆಯಲ್ಲಿ ಪ್ರಸಕ್ತ ಮುಂಗಾರು ಹಂಗಾಮಿಗೆ ಅಗತ್ಯವಿರುವ ರಸಗೊಬ್ಬರ ದಾಸ್ತಾನು ಲಭ್ಯವಿದ್ದು, ಕೊರತೆ ಇಲ್ಲ ಎಂದು ಜಂಟಿ ಕೃಷಿ ನಿರ್ದೇಶಕರು ತಿಳಿಸಿದ್ದಾರೆ. ಈವರೆಗೆ ಯೂರಿಯಾ 29636 ಮೆ.ಟನ್, ಡಿ.ಎ.ಪಿ 44375 ಮೆ.ಟನ್ ದಾಸ್ತಾನಿದೆ.

ಜಿಲ್ಲೆಗೆ ಹಂಚಿಕೆಯಾದ ಯೂರಿಯಾ ಪೈಕಿ ಡಿ.ಎ.ಪಿ–2702, ಎಂ.ಒ.ಪಿ–1840, ಕಾಂಪ್ಲೆಕ್ಸ್ ರಸಗೊಬ್ಬರ–15787 ಮತ್ತು ಎಸ್.ಎಸ್.ಪಿ–639 ಮೆ.ಟನ್ ಸೇರಿ ಒಟ್ಟು 34523 ಮೆ.ಟನ್ ಸರಬರಾಜಾಗಿದೆ. ರೈತ ಸಂಪರ್ಕ ಕೇಂದ್ರಗಳಲ್ಲಿ ಮಾರಾಟಕ್ಕೆ ವ್ಯವಸ್ಥೆ ಮಾಡಲಾಗಿದೆ.

ಖಾಸಗಿ ಮಾರಾಟಗಾರರ ಬಳಿ 49262 ಮೆ.ಟನ್ ದಾಸ್ತಾನು ಇದ್ದು, ಒಟ್ಟು 64990 ಮೆ.ಟನ್ ಲಭ್ಯವಿದೆ. ರೈತರು ಆತಂಕಪಡುವ ಅಗತ್ಯವಿಲ್ಲ; ಹೆಚ್ಚಿನ ದರಕ್ಕೆ ಮಾರಾಟ ಕಂಡುಬಂದಲ್ಲಿ ಕೃಷಿ ಇಲಾಖೆ ಕಚೇರಿಗೆ ದೂರು ನೀಡುವಂತೆ ಕೋರಿದ್ದಾರೆ.
